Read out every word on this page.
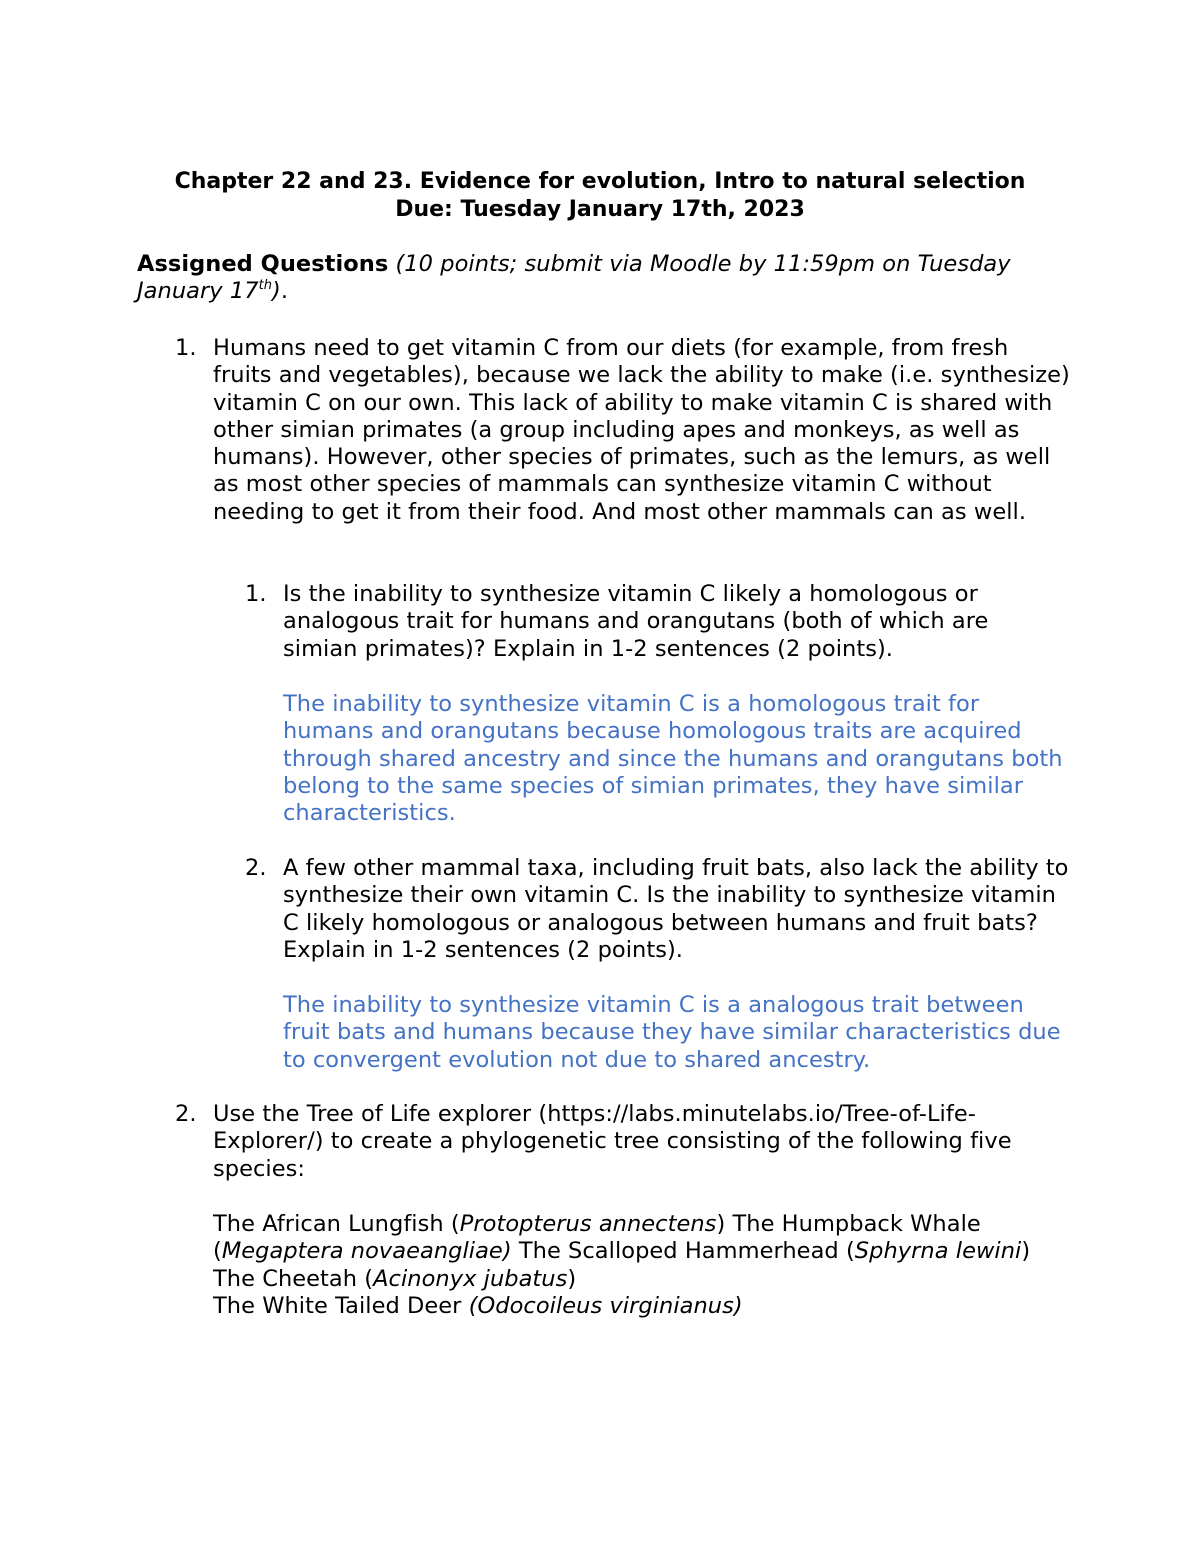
Chapter 22 and 23. Evidence for evolution, Intro to natural selection
Due: Tuesday January 17th, 2023
Assigned Questions (10 points; submit via Moodle by 11:59pm on Tuesday January 17th).
1. Humans need to get vitamin C from our diets (for example, from fresh fruits and vegetables), because we lack the ability to make (i.e. synthesize) vitamin C on our own. This lack of ability to make vitamin C is shared with other simian primates (a group including apes and monkeys, as well as humans). However, other species of primates, such as the lemurs, as well as most other species of mammals can synthesize vitamin C without needing to get it from their food. And most other mammals can as well.
1. Is the inability to synthesize vitamin C likely a homologous or analogous trait for humans and orangutans (both of which are simian primates)? Explain in 1-2 sentences (2 points).
The inability to synthesize vitamin C is a homologous trait for humans and orangutans because homologous traits are acquired through shared ancestry and since the humans and orangutans both belong to the same species of simian primates, they have similar characteristics.
2. A few other mammal taxa, including fruit bats, also lack the ability to synthesize their own vitamin C. Is the inability to synthesize vitamin C likely homologous or analogous between humans and fruit bats? Explain in 1-2 sentences (2 points).
The inability to synthesize vitamin C is a analogous trait between fruit bats and humans because they have similar characteristics due to convergent evolution not due to shared ancestry.
2. Use the Tree of Life explorer (https://labs.minutelabs.io/Tree-of-Life-Explorer/) to create a phylogenetic tree consisting of the following five species:
The African Lungfish (Protopterus annectens) The Humpback Whale (Megaptera novaeangliae) The Scalloped Hammerhead (Sphyrna lewini) The Cheetah (Acinonyx jubatus)
The White Tailed Deer (Odocoileus virginianus)
